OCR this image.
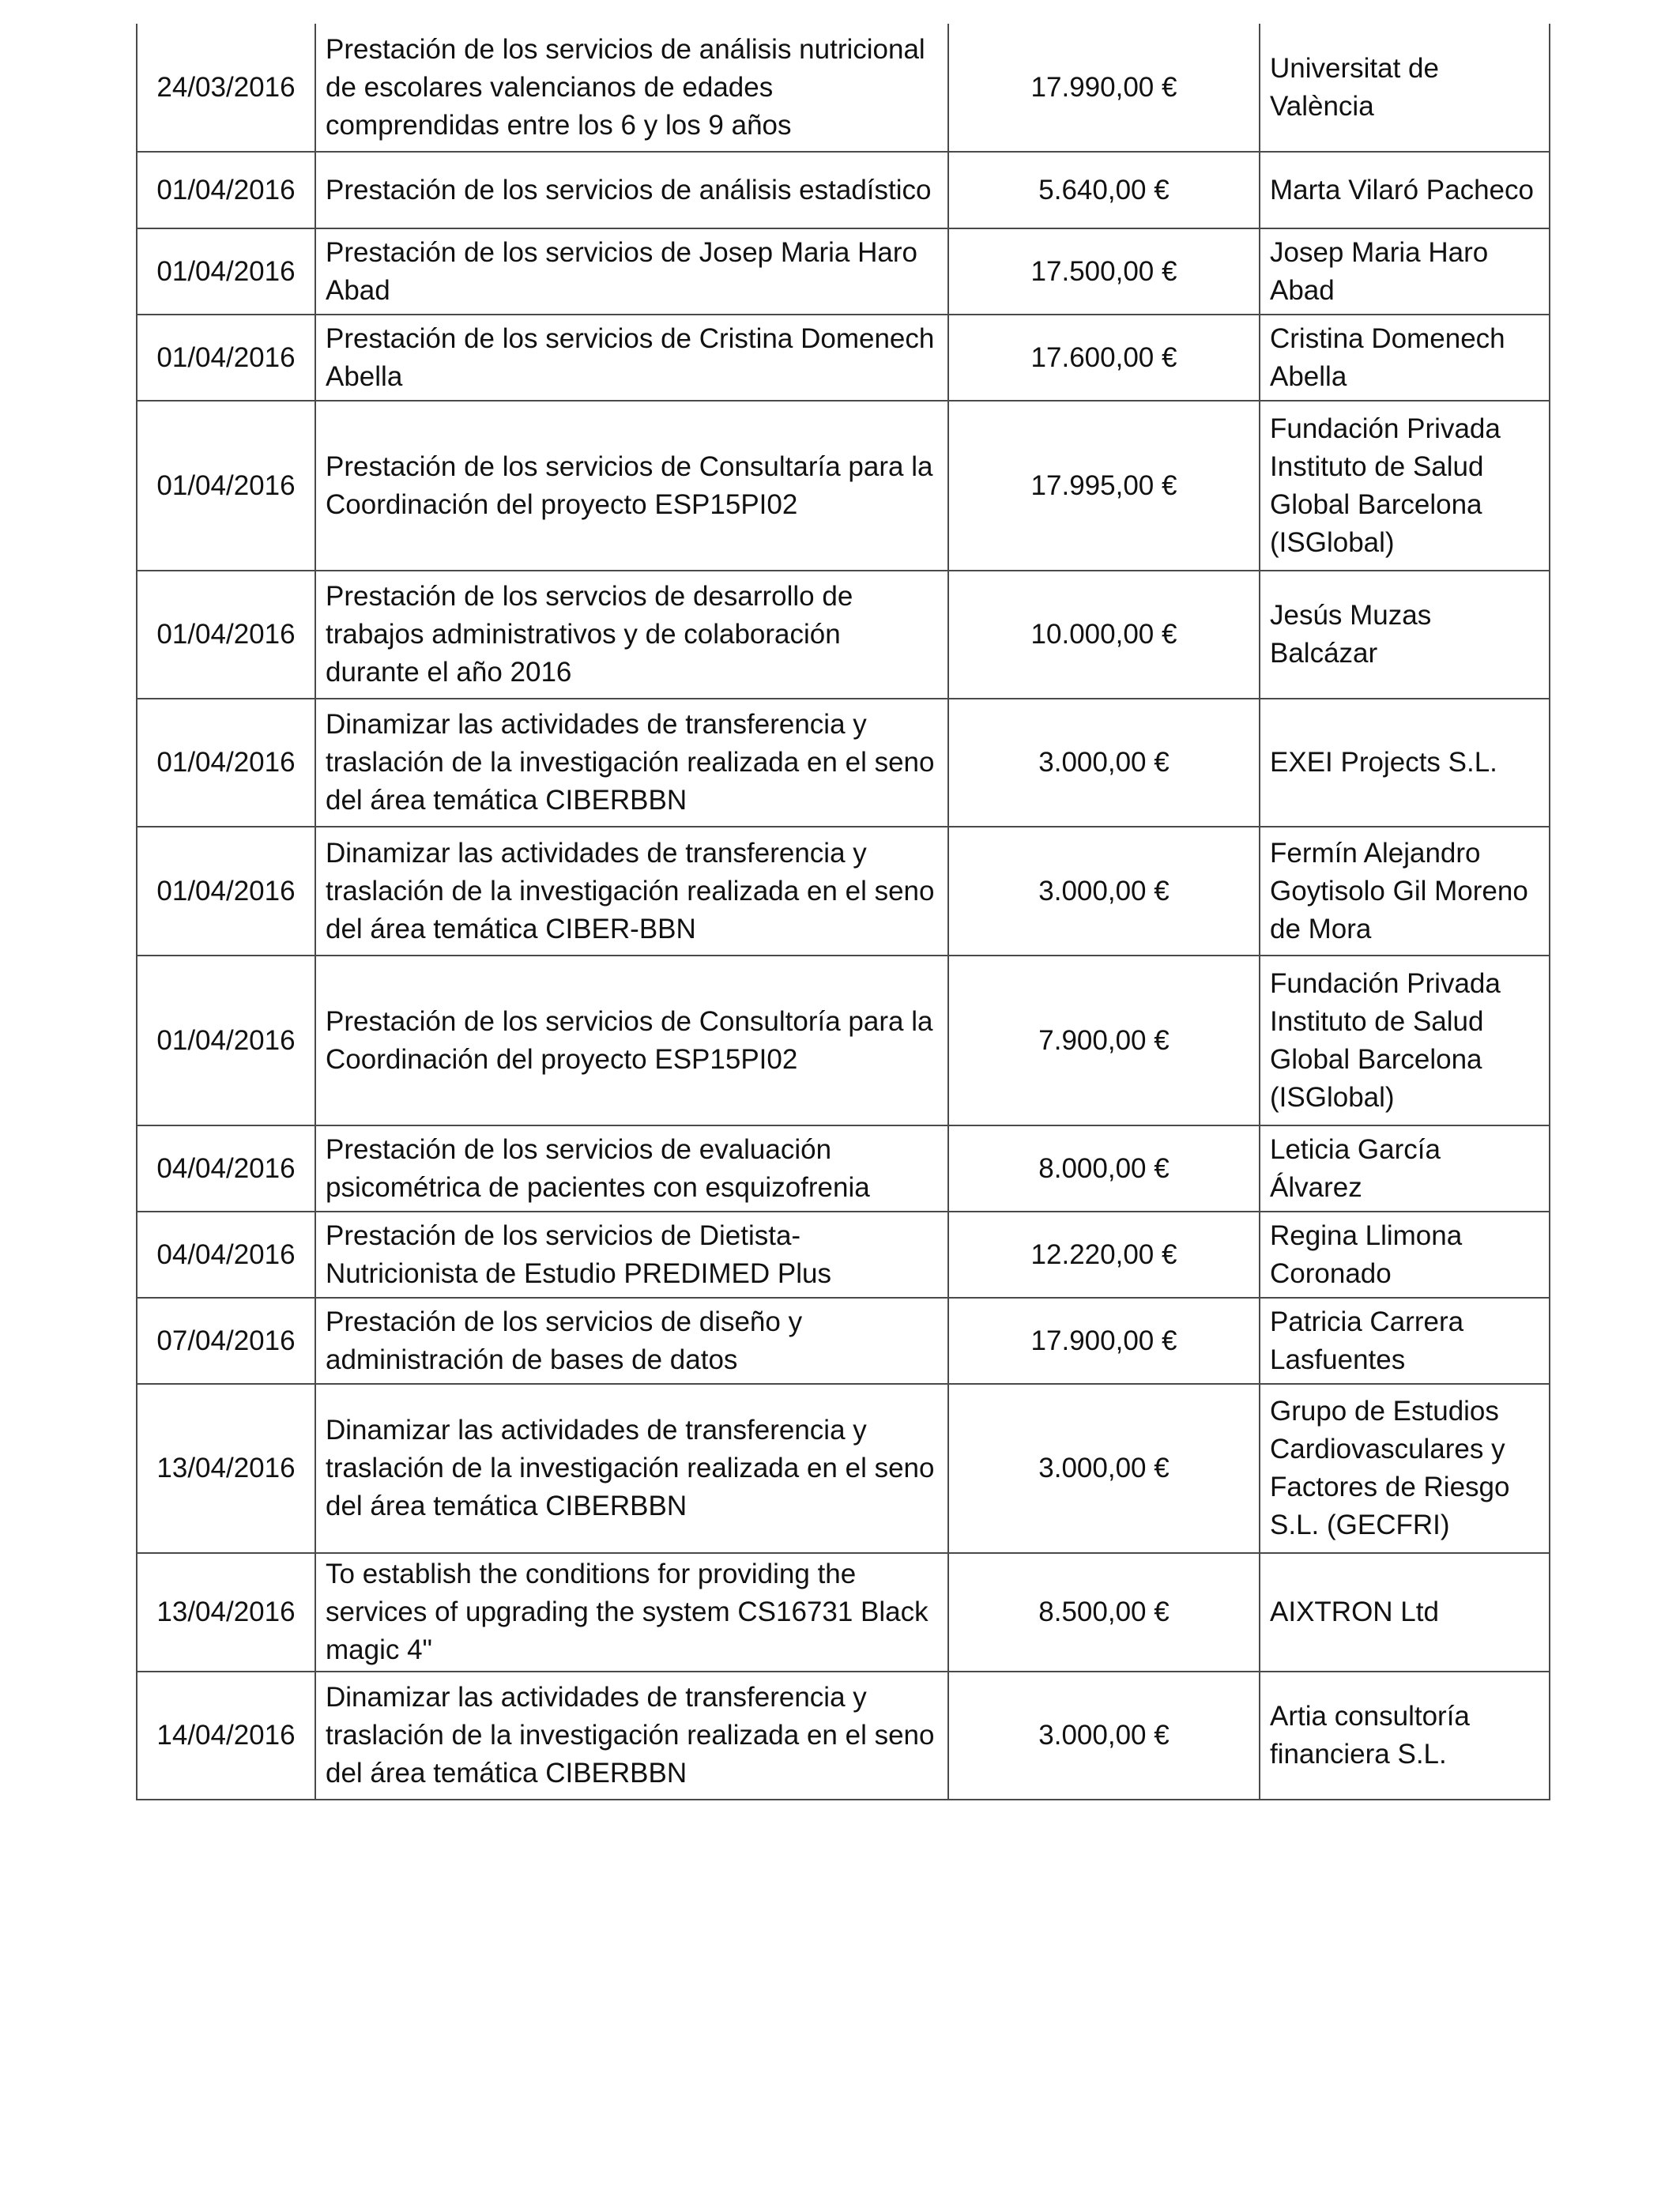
24/03/2016	Prestación de los servicios de análisis nutricional de escolares valencianos de edades comprendidas entre los 6 y los 9 años	17.990,00 €	Universitat de València
01/04/2016	Prestación de los servicios de análisis estadístico	5.640,00 €	Marta Vilaró Pacheco
01/04/2016	Prestación de los servicios de Josep Maria Haro Abad	17.500,00 €	Josep Maria Haro Abad
01/04/2016	Prestación de los servicios de Cristina Domenech Abella	17.600,00 €	Cristina Domenech Abella
01/04/2016	Prestación de los servicios de Consultaría para la Coordinación del proyecto ESP15PI02	17.995,00 €	Fundación Privada Instituto de Salud Global Barcelona (ISGlobal)
01/04/2016	Prestación de los servcios de desarrollo de trabajos administrativos y de colaboración durante el año 2016	10.000,00 €	Jesús Muzas Balcázar
01/04/2016	Dinamizar las actividades de transferencia y traslación de la investigación realizada en el seno del área temática CIBERBBN	3.000,00 €	EXEI Projects S.L.
01/04/2016	Dinamizar las actividades de transferencia y traslación de la investigación realizada en el seno del área temática CIBER-BBN	3.000,00 €	Fermín Alejandro Goytisolo Gil Moreno de Mora
01/04/2016	Prestación de los servicios de Consultoría para la Coordinación del proyecto ESP15PI02	7.900,00 €	Fundación Privada Instituto de Salud Global Barcelona (ISGlobal)
04/04/2016	Prestación de los servicios de evaluación psicométrica de pacientes con esquizofrenia	8.000,00 €	Leticia García Álvarez
04/04/2016	Prestación de los servicios de Dietista-Nutricionista de Estudio PREDIMED Plus	12.220,00 €	Regina Llimona Coronado
07/04/2016	Prestación de los servicios de diseño y administración de bases de datos	17.900,00 €	Patricia Carrera Lasfuentes
13/04/2016	Dinamizar las actividades de transferencia y traslación de la investigación realizada en el seno del área temática CIBERBBN	3.000,00 €	Grupo de Estudios Cardiovasculares y Factores de Riesgo S.L. (GECFRI)
13/04/2016	To establish the conditions for providing the services of upgrading the system CS16731 Black magic 4"	8.500,00 €	AIXTRON Ltd
14/04/2016	Dinamizar las actividades de transferencia y traslación de la investigación realizada en el seno del área temática CIBERBBN	3.000,00 €	Artia consultoría financiera S.L.
